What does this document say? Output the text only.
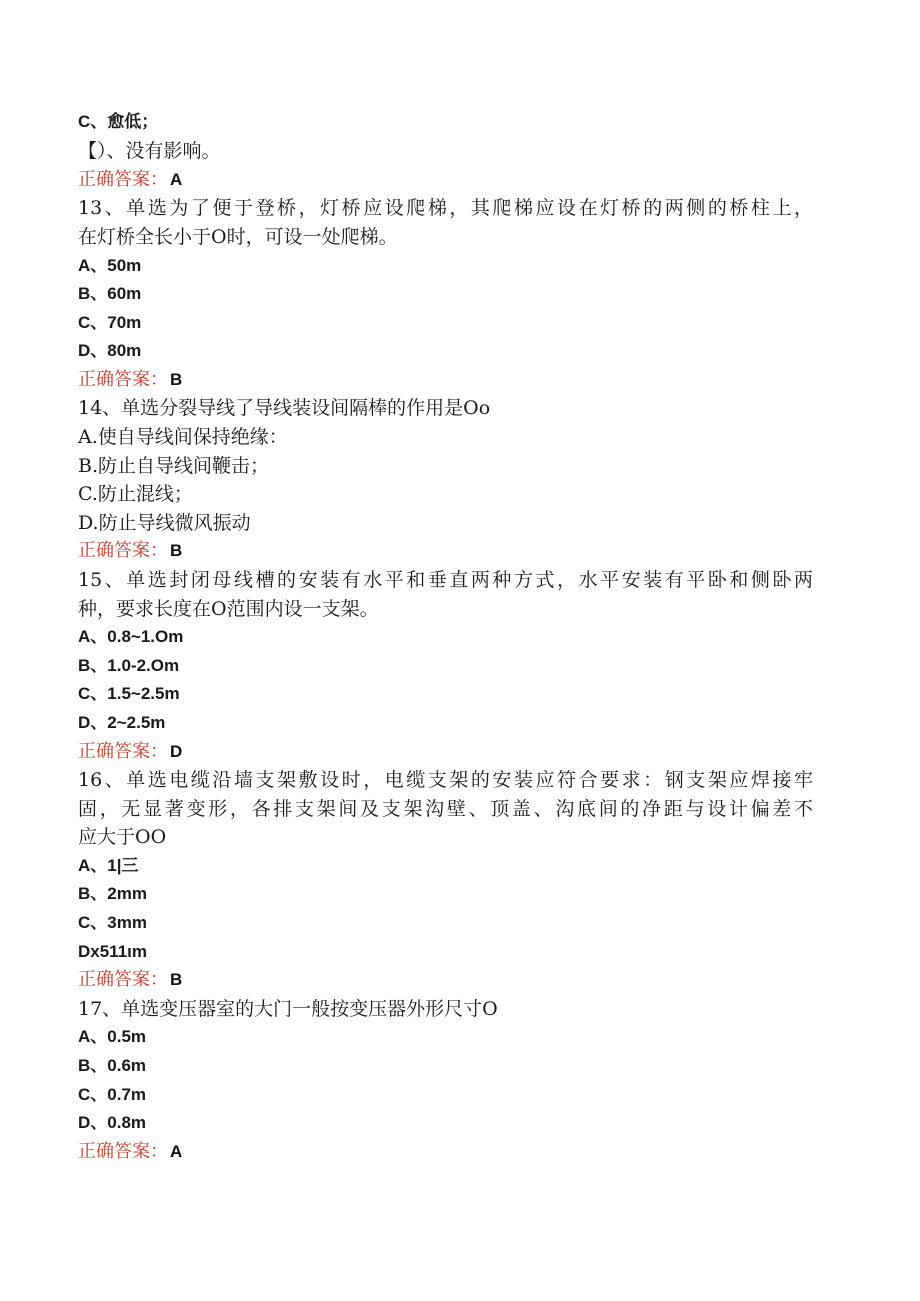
C、愈低；
【）、没有影响。
正确答案： A
13、单选为了便于登桥，灯桥应设爬梯，其爬梯应设在灯桥的两侧的桥柱上，
在灯桥全长小于O时，可设一处爬梯。
A、50m
B、60m
C、70m
D、80m
正确答案： B
14、单选分裂导线了导线装设间隔棒的作用是Oo
A.使自导线间保持绝缘：
B.防止自导线间鞭击；
C.防止混线；
D.防止导线微风振动
正确答案： B
15、单选封闭母线槽的安装有水平和垂直两种方式，水平安装有平卧和侧卧两
种，要求长度在O范围内设一支架。
A、0.8~1.Om
B、1.0-2.Om
C、1.5~2.5m
D、2~2.5m
正确答案： D
16、单选电缆沿墙支架敷设时，电缆支架的安装应符合要求：钢支架应焊接牢
固，无显著变形，各排支架间及支架沟壁、顶盖、沟底间的净距与设计偏差不
应大于OO
A、1|三
B、2mm
C、3mm
Dx511ιm
正确答案： B
17、单选变压器室的大门一般按变压器外形尺寸O
A、0.5m
B、0.6m
C、0.7m
D、0.8m
正确答案： A
